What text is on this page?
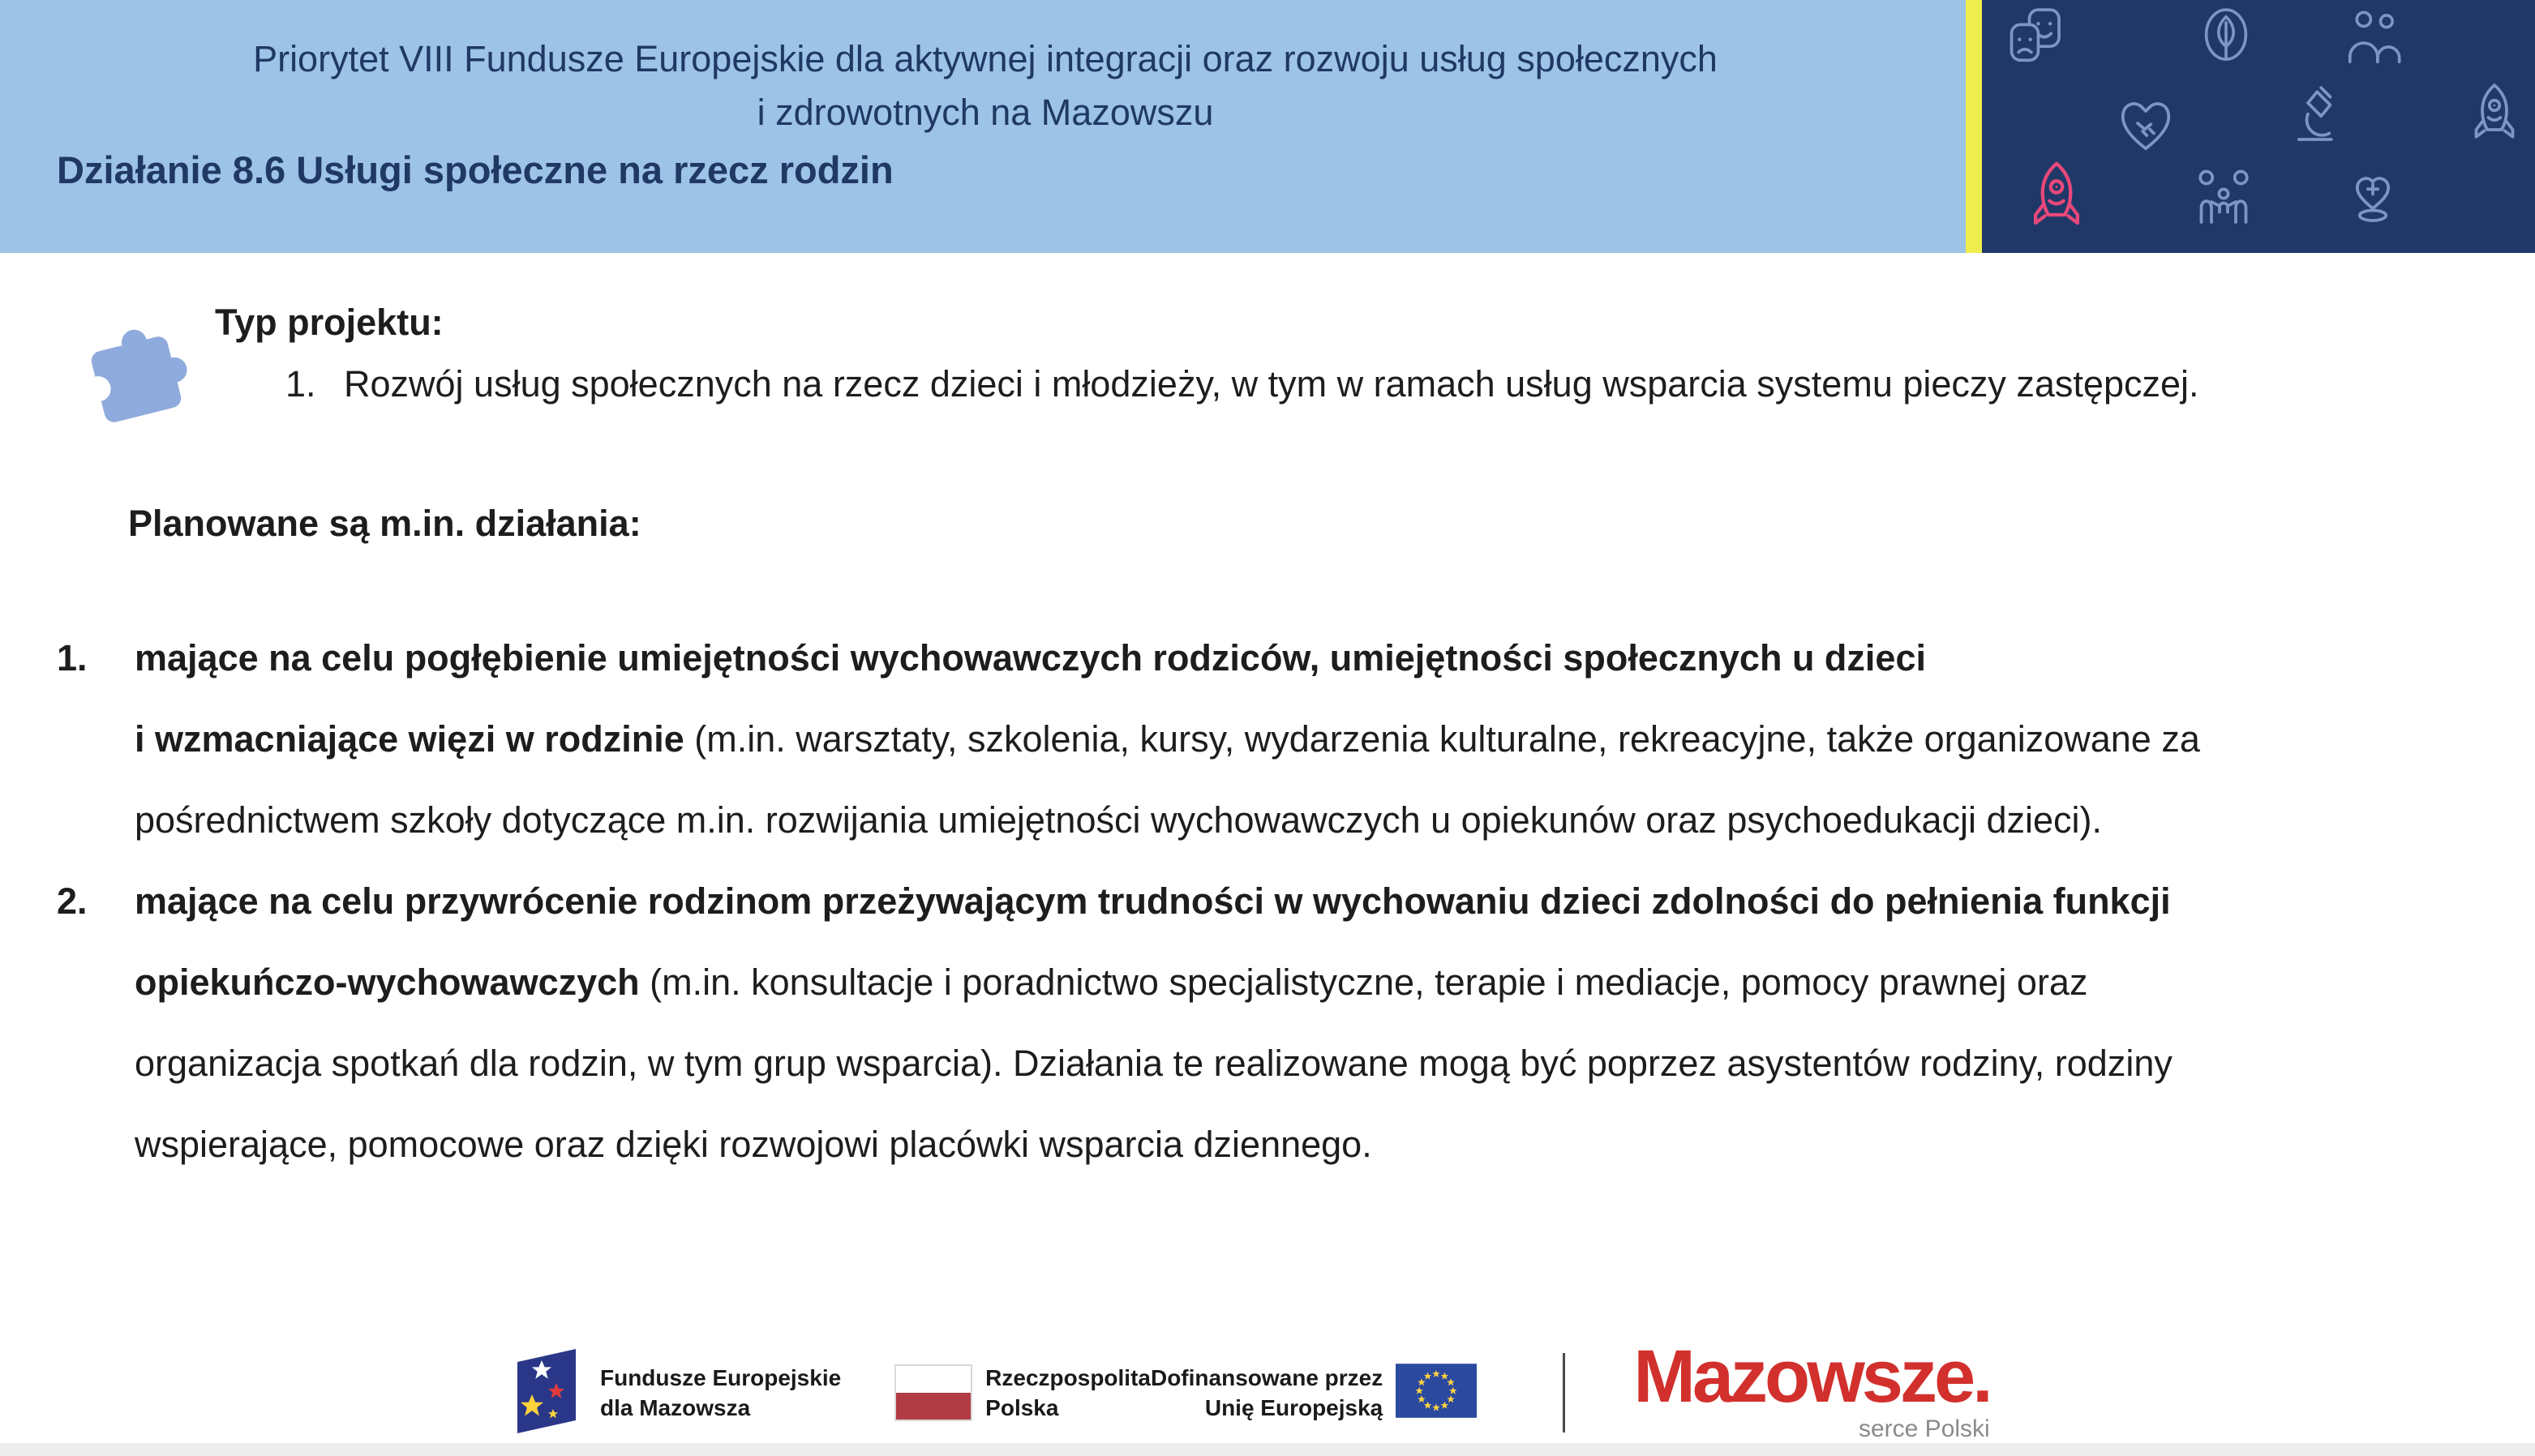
Priorytet VIII Fundusze Europejskie dla aktywnej integracji oraz rozwoju usług społecznych
i zdrowotnych na Mazowszu
Działanie 8.6 Usługi społeczne na rzecz rodzin
Typ projektu:
1. Rozwój usług społecznych na rzecz dzieci i młodzieży, w tym w ramach usług wsparcia systemu pieczy zastępczej.
Planowane są m.in. działania:
1.	mające na celu pogłębienie umiejętności wychowawczych rodziców, umiejętności społecznych u dzieci
i wzmacniające więzi w rodzinie (m.in. warsztaty, szkolenia, kursy, wydarzenia kulturalne, rekreacyjne, także organizowane za
pośrednictwem szkoły dotyczące m.in. rozwijania umiejętności wychowawczych u opiekunów oraz psychoedukacji dzieci).
2.	mające na celu przywrócenie rodzinom przeżywającym trudności w wychowaniu dzieci zdolności do pełnienia funkcji
opiekuńczo-wychowawczych (m.in. konsultacje i poradnictwo specjalistyczne, terapie i mediacje, pomocy prawnej oraz
organizacja spotkań dla rodzin, w tym grup wsparcia). Działania te realizowane mogą być poprzez asystentów rodziny, rodziny
wspierające, pomocowe oraz dzięki rozwojowi placówki wsparcia dziennego.
Fundusze Europejskie
dla Mazowsza
Rzeczpospolita
Polska
Dofinansowane przez
Unię Europejską	Mazowsze.
serce Polski
